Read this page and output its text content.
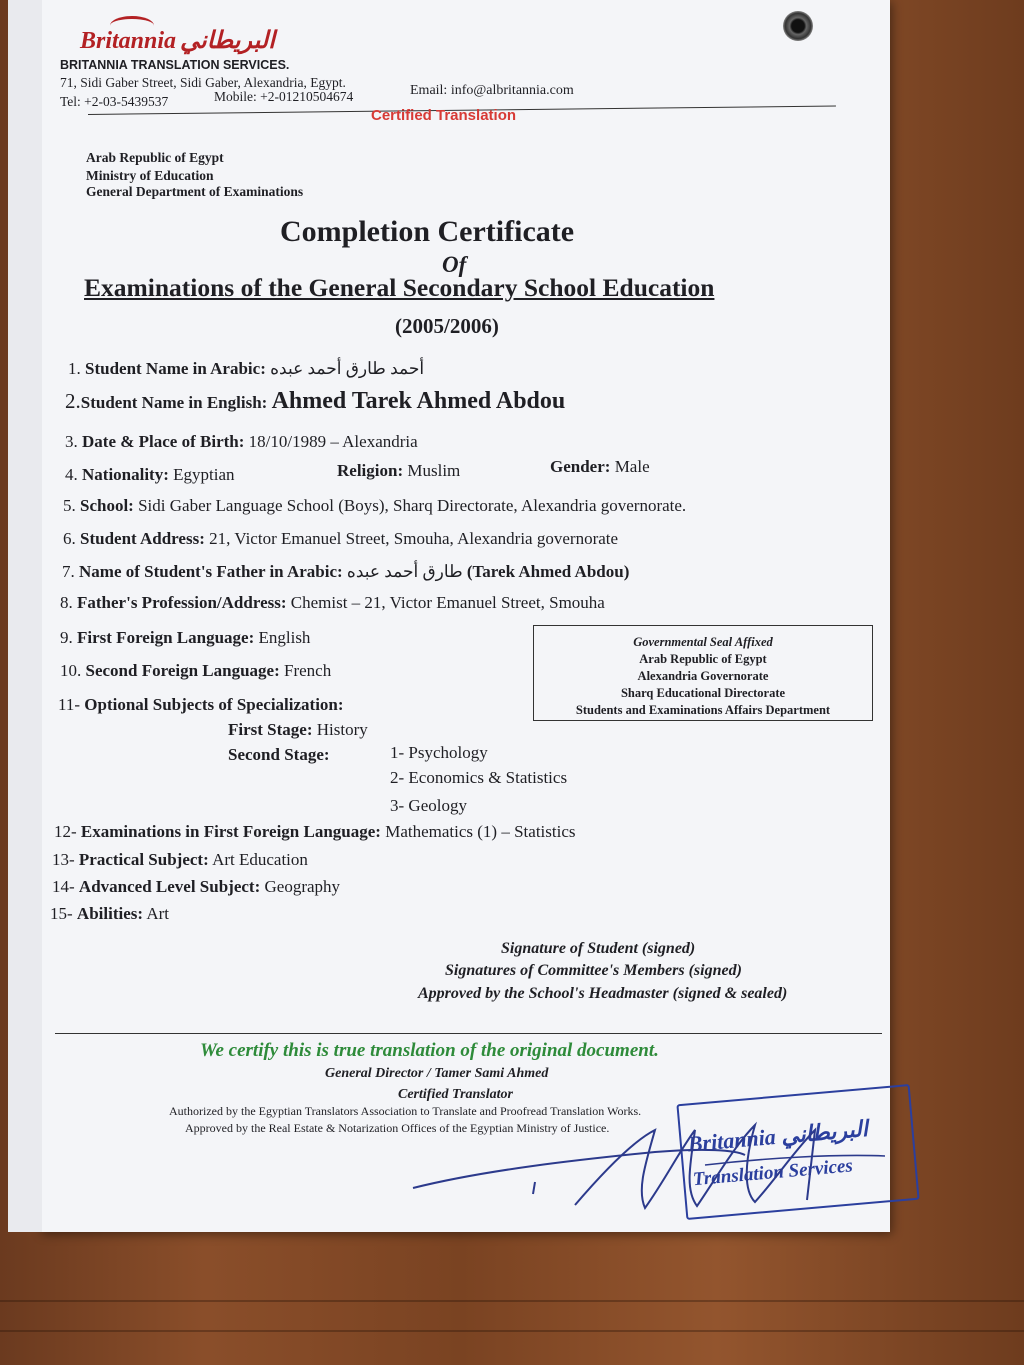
Britannia البريطاني
BRITANNIA TRANSLATION SERVICES.
71, Sidi Gaber Street, Sidi Gaber, Alexandria, Egypt.
Tel: +2-03-5439537	Mobile: +2-01210504674	Email: info@albritannia.com
Certified Translation
Arab Republic of Egypt
Ministry of Education
General Department of Examinations
Completion Certificate
Of
Examinations of the General Secondary School Education
(2005/2006)
1. Student Name in Arabic: أحمد طارق أحمد عبده
2.Student Name in English: Ahmed Tarek Ahmed Abdou
3. Date & Place of Birth: 18/10/1989 – Alexandria
4. Nationality: Egyptian	Religion: Muslim	Gender: Male
5. School: Sidi Gaber Language School (Boys), Sharq Directorate, Alexandria governorate.
6. Student Address: 21, Victor Emanuel Street, Smouha, Alexandria governorate
7. Name of Student's Father in Arabic: طارق أحمد عبده (Tarek Ahmed Abdou)
8. Father's Profession/Address: Chemist – 21, Victor Emanuel Street, Smouha
9. First Foreign Language: English
10. Second Foreign Language: French
11- Optional Subjects of Specialization:
First Stage: History
Second Stage:	1- Psychology
2- Economics & Statistics
3- Geology
12- Examinations in First Foreign Language: Mathematics (1) – Statistics
13- Practical Subject: Art Education
14- Advanced Level Subject: Geography
15- Abilities: Art
Governmental Seal Affixed
Arab Republic of Egypt
Alexandria Governorate
Sharq Educational Directorate
Students and Examinations Affairs Department
Signature of Student (signed)
Signatures of Committee's Members (signed)
Approved by the School's Headmaster (signed & sealed)
We certify this is true translation of the original document.
General Director / Tamer Sami Ahmed
Certified Translator
Authorized by the Egyptian Translators Association to Translate and Proofread Translation Works.
Approved by the Real Estate & Notarization Offices of the Egyptian Ministry of Justice.	Britannia البريطاني
Translation Services
